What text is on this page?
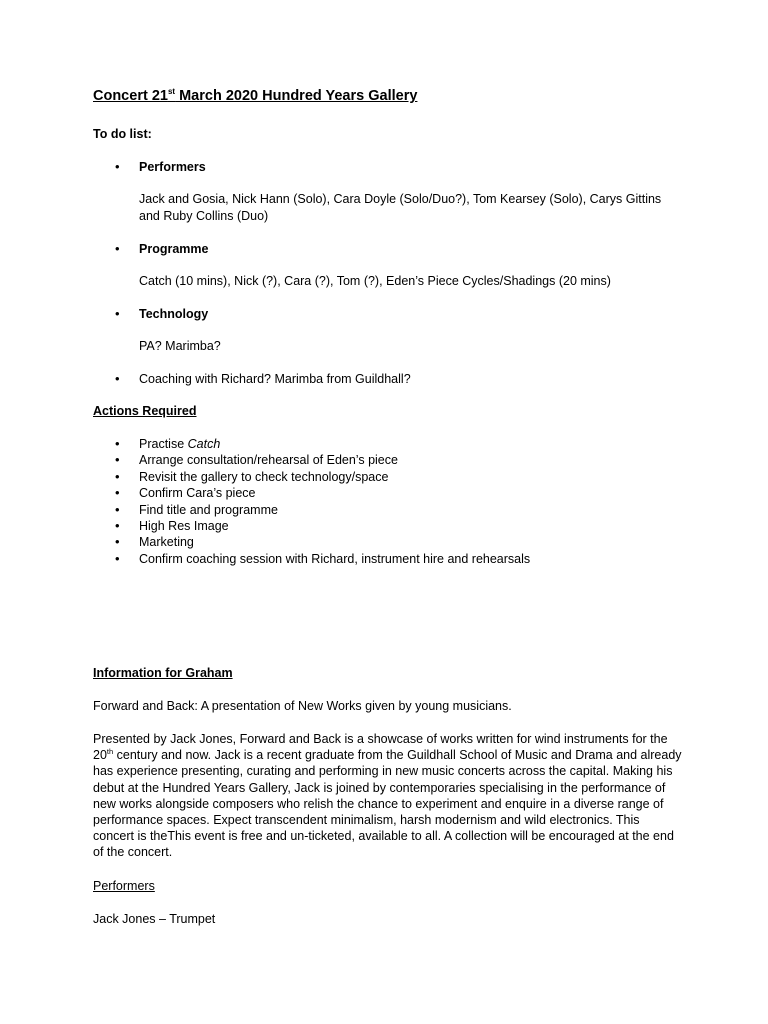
Concert 21st March 2020 Hundred Years Gallery

To do list:

• Performers

Jack and Gosia, Nick Hann (Solo), Cara Doyle (Solo/Duo?), Tom Kearsey (Solo), Carys Gittins and Ruby Collins (Duo)

• Programme

Catch (10 mins), Nick (?), Cara (?), Tom (?), Eden’s Piece Cycles/Shadings (20 mins)

• Technology

PA? Marimba?

• Coaching with Richard? Marimba from Guildhall?

Actions Required

• Practise Catch
• Arrange consultation/rehearsal of Eden’s piece
• Revisit the gallery to check technology/space
• Confirm Cara’s piece
• Find title and programme
• High Res Image
• Marketing
• Confirm coaching session with Richard, instrument hire and rehearsals

Information for Graham

Forward and Back: A presentation of New Works given by young musicians.

Presented by Jack Jones, Forward and Back is a showcase of works written for wind instruments for the 20th century and now. Jack is a recent graduate from the Guildhall School of Music and Drama and already has experience presenting, curating and performing in new music concerts across the capital. Making his debut at the Hundred Years Gallery, Jack is joined by contemporaries specialising in the performance of new works alongside composers who relish the chance to experiment and enquire in a diverse range of performance spaces. Expect transcendent minimalism, harsh modernism and wild electronics. This concert is theThis event is free and un-ticketed, available to all. A collection will be encouraged at the end of the concert.

Performers

Jack Jones – Trumpet
